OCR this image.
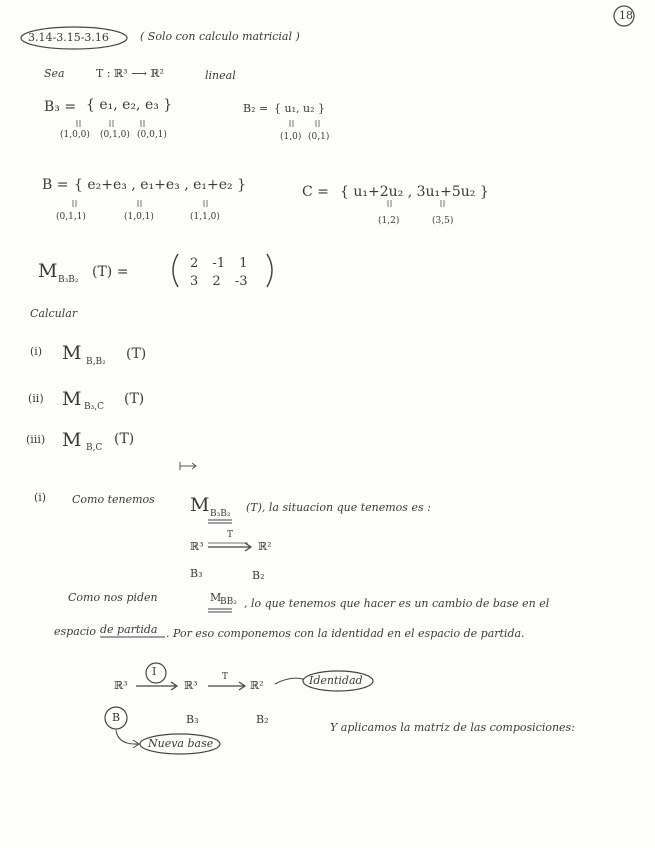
18
3.14-3.15-3.16	( Solo con calculo matricial )
Sea	T : ℝ³ ⟶ ℝ²	lineal
B₃ = { e₁, e₂, e₃ }
(1,0,0) (0,1,0) (0,0,1)
B₂ = { u₁, u₂ }
(1,0) (0,1)
B = { e₂+e₃ , e₁+e₃ , e₁+e₂ }
(0,1,1)	(1,0,1)	(1,1,0)
C = { u₁+2u₂ , 3u₁+5u₂ }
(1,2)	(3,5)
M B₃B₂ (T) =
2 -1 1
3 2 -3
Calcular
(i) M B,B₂ (T)
(ii) M B₃,C (T)
(iii) M B,C
(T)
(i) Como tenemos M B₃B₂ (T), la situacion que tenemos es :
ℝ³
T
ℝ²
B₃	B₂
Como nos piden	M
BB₂ , lo que tenemos que hacer es un cambio de base en el
espacio de partida . Por eso componemos con la identidad en el espacio de partida.
ℝ³
I
ℝ³
T
ℝ²	Identidad
B	B₃	B₂
Nueva base
Y aplicamos la matriz de las composiciones:
